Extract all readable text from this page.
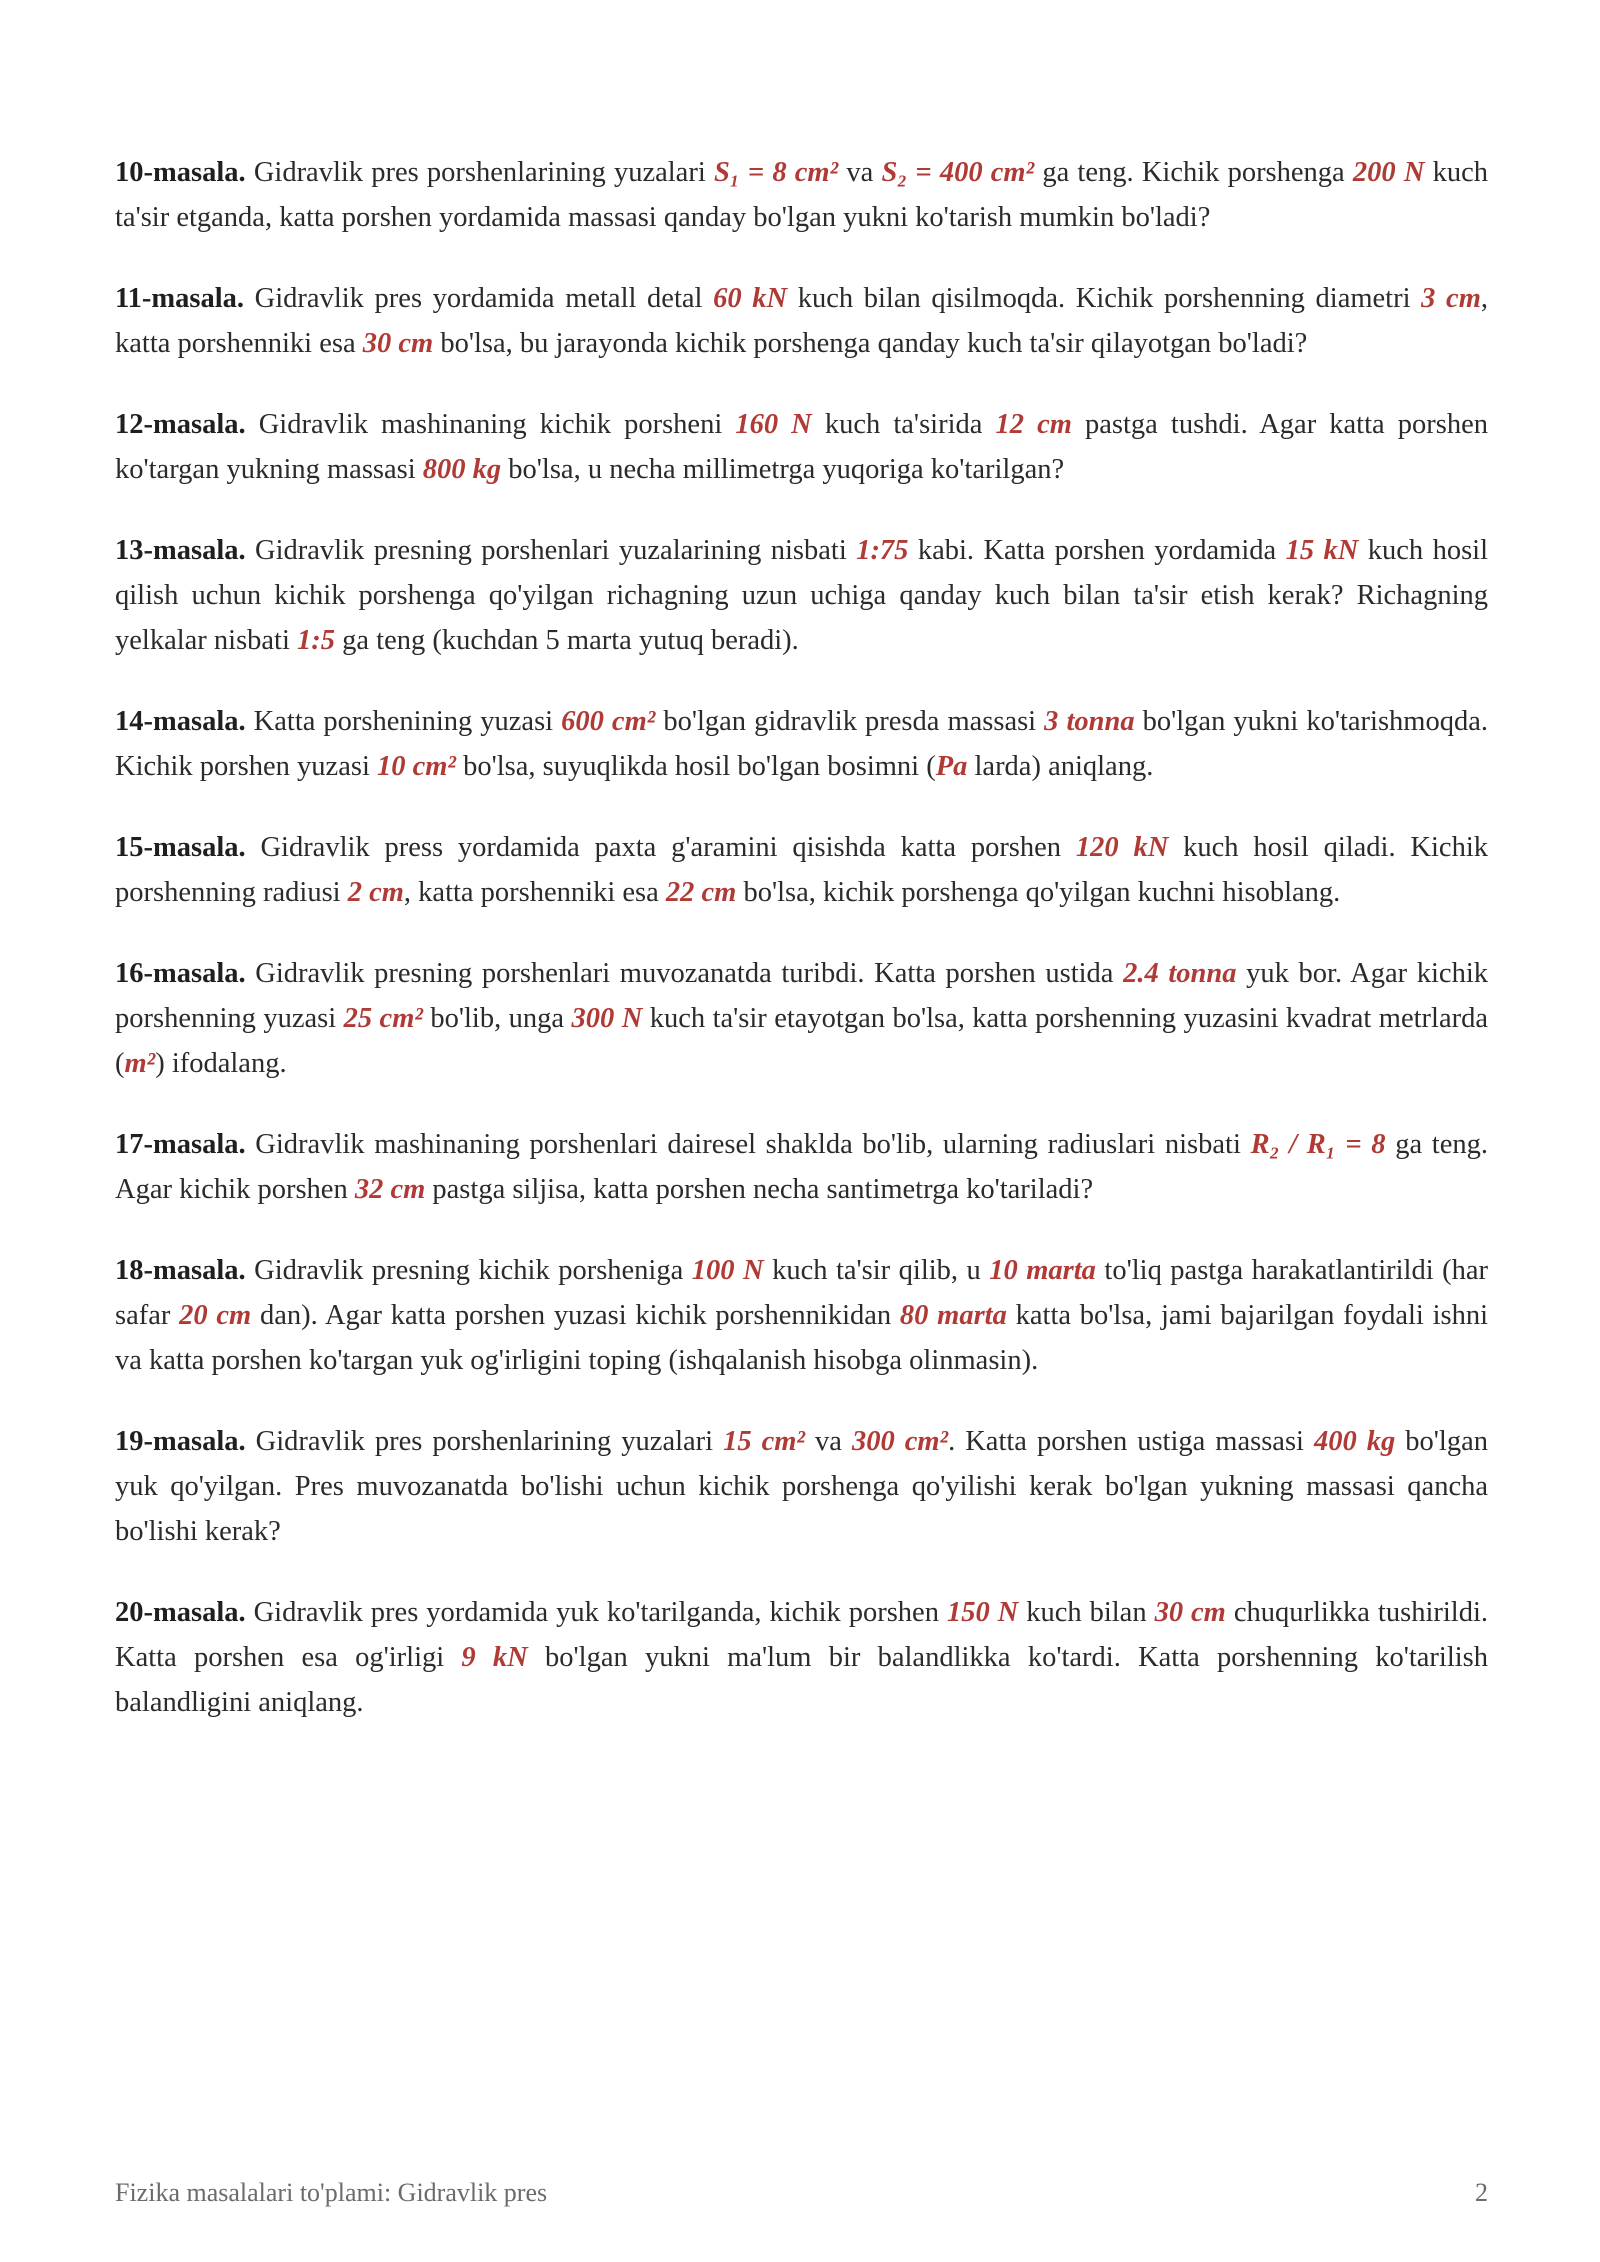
10-masala. Gidravlik pres porshenlarining yuzalari S₁ = 8 cm² va S₂ = 400 cm² ga teng. Kichik porshenga 200 N kuch ta'sir etganda, katta porshen yordamida massasi qanday bo'lgan yukni ko'tarish mumkin bo'ladi?

11-masala. Gidravlik pres yordamida metall detal 60 kN kuch bilan qisilmoqda. Kichik porshenning diametri 3 cm, katta porshenniki esa 30 cm bo'lsa, bu jarayonda kichik porshenga qanday kuch ta'sir qilayotgan bo'ladi?

12-masala. Gidravlik mashinaning kichik porsheni 160 N kuch ta'sirida 12 cm pastga tushdi. Agar katta porshen ko'targan yukning massasi 800 kg bo'lsa, u necha millimetrga yuqoriga ko'tarilgan?

13-masala. Gidravlik presning porshenlari yuzalarining nisbati 1:75 kabi. Katta porshen yordamida 15 kN kuch hosil qilish uchun kichik porshenga qo'yilgan richagning uzun uchiga qanday kuch bilan ta'sir etish kerak? Richagning yelkalar nisbati 1:5 ga teng (kuchdan 5 marta yutuq beradi).

14-masala. Katta porshenining yuzasi 600 cm² bo'lgan gidravlik presda massasi 3 tonna bo'lgan yukni ko'tarishmoqda. Kichik porshen yuzasi 10 cm² bo'lsa, suyuqlikda hosil bo'lgan bosimni (Pa larda) aniqlang.

15-masala. Gidravlik press yordamida paxta g'aramini qisishda katta porshen 120 kN kuch hosil qiladi. Kichik porshenning radiusi 2 cm, katta porshenniki esa 22 cm bo'lsa, kichik porshenga qo'yilgan kuchni hisoblang.

16-masala. Gidravlik presning porshenlari muvozanatda turibdi. Katta porshen ustida 2.4 tonna yuk bor. Agar kichik porshenning yuzasi 25 cm² bo'lib, unga 300 N kuch ta'sir etayotgan bo'lsa, katta porshenning yuzasini kvadrat metrlarda (m²) ifodalang.

17-masala. Gidravlik mashinaning porshenlari dairesel shaklda bo'lib, ularning radiuslari nisbati R₂ / R₁ = 8 ga teng. Agar kichik porshen 32 cm pastga siljisa, katta porshen necha santimetrga ko'tariladi?

18-masala. Gidravlik presning kichik porsheniga 100 N kuch ta'sir qilib, u 10 marta to'liq pastga harakatlantirildi (har safar 20 cm dan). Agar katta porshen yuzasi kichik porshennikidan 80 marta katta bo'lsa, jami bajarilgan foydali ishni va katta porshen ko'targan yuk og'irligini toping (ishqalanish hisobga olinmasin).

19-masala. Gidravlik pres porshenlarining yuzalari 15 cm² va 300 cm². Katta porshen ustiga massasi 400 kg bo'lgan yuk qo'yilgan. Pres muvozanatda bo'lishi uchun kichik porshenga qo'yilishi kerak bo'lgan yukning massasi qancha bo'lishi kerak?

20-masala. Gidravlik pres yordamida yuk ko'tarilganda, kichik porshen 150 N kuch bilan 30 cm chuqurlikka tushirildi. Katta porshen esa og'irligi 9 kN bo'lgan yukni ma'lum bir balandlikka ko'tardi. Katta porshenning ko'tarilish balandligini aniqlang.

Fizika masalalari to'plami: Gidravlik pres	2
